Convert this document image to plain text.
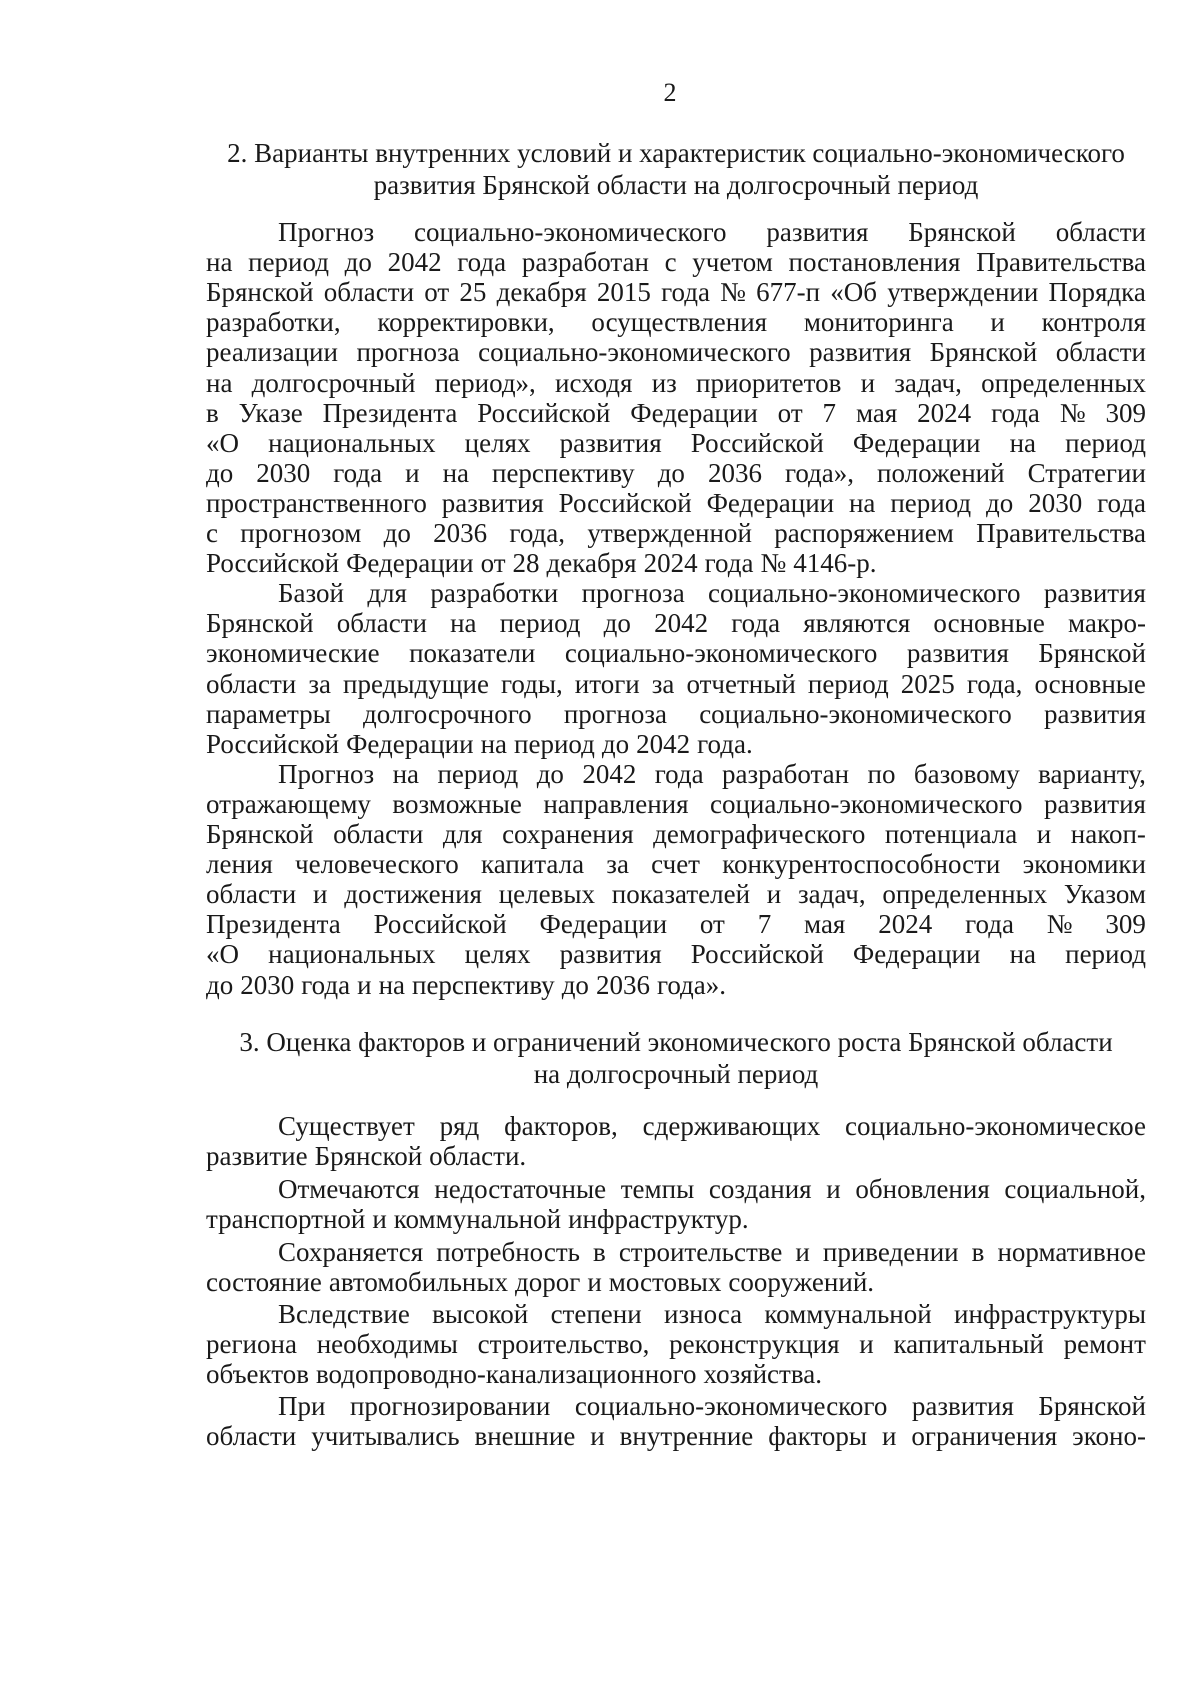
2
2. Варианты внутренних условий и характеристик социально-экономического
развития Брянской области на долгосрочный период
Прогноз социально-экономического развития Брянской области
на период до 2042 года разработан с учетом постановления Правительства
Брянской области от 25 декабря 2015 года № 677-п «Об утверждении Порядка
разработки, корректировки, осуществления мониторинга и контроля
реализации прогноза социально-экономического развития Брянской области
на долгосрочный период», исходя из приоритетов и задач, определенных
в Указе Президента Российской Федерации от 7 мая 2024 года № 309
«О национальных целях развития Российской Федерации на период
до 2030 года и на перспективу до 2036 года», положений Стратегии
пространственного развития Российской Федерации на период до 2030 года
с прогнозом до 2036 года, утвержденной распоряжением Правительства
Российской Федерации от 28 декабря 2024 года № 4146-р.
Базой для разработки прогноза социально-экономического развития
Брянской области на период до 2042 года являются основные макро-
экономические показатели социально-экономического развития Брянской
области за предыдущие годы, итоги за отчетный период 2025 года, основные
параметры долгосрочного прогноза социально-экономического развития
Российской Федерации на период до 2042 года.
Прогноз на период до 2042 года разработан по базовому варианту,
отражающему возможные направления социально-экономического развития
Брянской области для сохранения демографического потенциала и накоп-
ления человеческого капитала за счет конкурентоспособности экономики
области и достижения целевых показателей и задач, определенных Указом
Президента Российской Федерации от 7 мая 2024 года № 309
«О национальных целях развития Российской Федерации на период
до 2030 года и на перспективу до 2036 года».
3. Оценка факторов и ограничений экономического роста Брянской области
на долгосрочный период
Существует ряд факторов, сдерживающих социально-экономическое
развитие Брянской области.
Отмечаются недостаточные темпы создания и обновления социальной,
транспортной и коммунальной инфраструктур.
Сохраняется потребность в строительстве и приведении в нормативное
состояние автомобильных дорог и мостовых сооружений.
Вследствие высокой степени износа коммунальной инфраструктуры
региона необходимы строительство, реконструкция и капитальный ремонт
объектов водопроводно-канализационного хозяйства.
При прогнозировании социально-экономического развития Брянской
области учитывались внешние и внутренние факторы и ограничения эконо-
